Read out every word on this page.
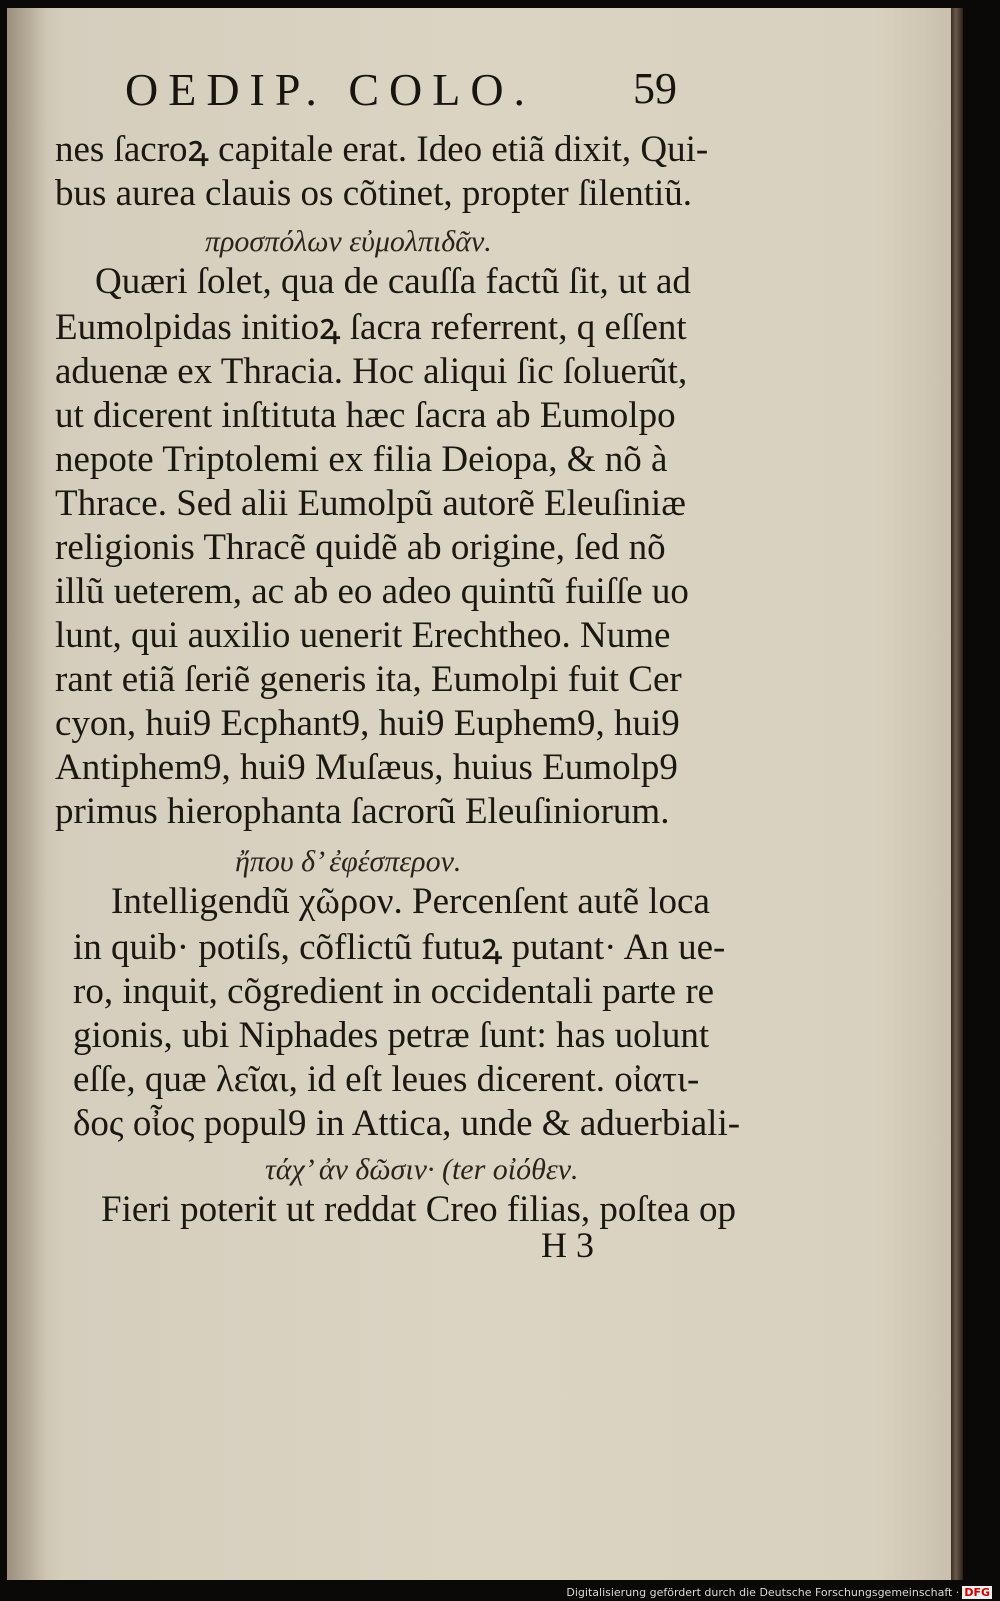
OEDIP. COLO. 59
nes ſacroꝝ capitale erat. Ideo etiã dixit, Qui-
bus aurea clauis os cõtinet, propter ſilentiũ.
προσπόλων εὐμολπιδᾶν.
Quæri ſolet, qua de cauſſa factũ ſit, ut ad
Eumolpidas initioꝝ ſacra referrent, q eſſent
aduenæ ex Thracia. Hoc aliqui ſic ſoluerũt,
ut dicerent inſtituta hæc ſacra ab Eumolpo
nepote Triptolemi ex filia Deiopa, & nõ à
Thrace. Sed alii Eumolpũ autorẽ Eleuſiniæ
religionis Thracẽ quidẽ ab origine, ſed nõ
illũ ueterem, ac ab eo adeo quintũ fuiſſe uo
lunt, qui auxilio uenerit Erechtheo. Nume
rant etiã ſeriẽ generis ita, Eumolpi fuit Cer
cyon, hui9 Ecphant9, hui9 Euphem9, hui9
Antiphem9, hui9 Muſæus, huius Eumolp9
primus hierophanta ſacrorũ Eleuſiniorum.
ἤπου δ’ ἐφέσπερον.
Intelligendũ χῶρον. Percenſent autẽ loca
in quib· potiſs, cõflictũ futuꝝ putant· An ue-
ro, inquit, cõgredient in occidentali parte re
gionis, ubi Niphades petræ ſunt: has uolunt
eſſe, quæ λεῖαι, id eſt leues dicerent. οἰατι-
δος οἶος popul9 in Attica, unde & aduerbiali-
τάχ’ ἀν δῶσιν· (ter οἰόθεν.
Fieri poterit ut reddat Creo filias, poſtea op
H 3
Digitalisierung gefördert durch die Deutsche Forschungsgemeinschaft · DFG
